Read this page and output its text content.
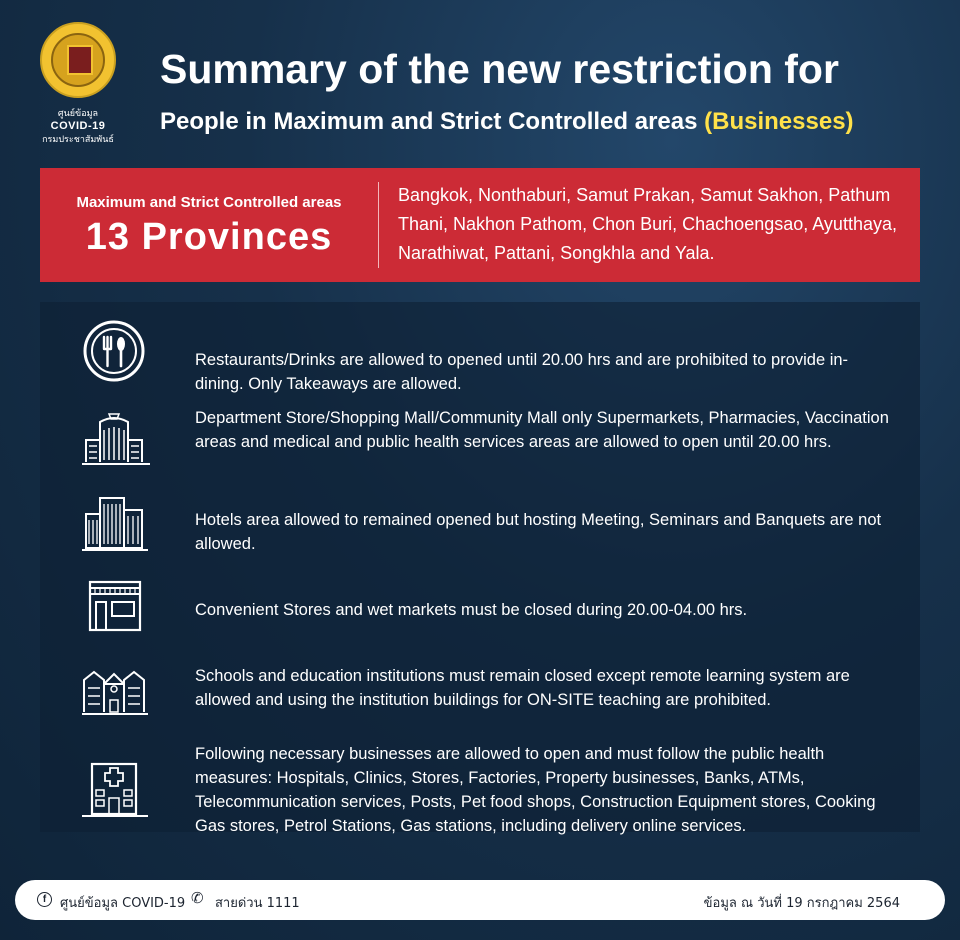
ศูนย์ข้อมูล
COVID-19
กรมประชาสัมพันธ์
Summary of the new restriction for
People in Maximum and Strict Controlled areas (Businesses)
Maximum and Strict Controlled areas
13 Provinces
Bangkok, Nonthaburi, Samut Prakan, Samut Sakhon, Pathum Thani, Nakhon Pathom, Chon Buri, Chachoengsao, Ayutthaya, Narathiwat, Pattani, Songkhla and Yala.
Restaurants/Drinks are allowed to opened until 20.00 hrs and are prohibited to provide in-dining. Only Takeaways are allowed.
Department Store/Shopping Mall/Community Mall only Supermarkets, Pharmacies, Vaccination areas and medical and public health services areas are allowed to open until 20.00 hrs.
Hotels area allowed to remained opened but hosting Meeting, Seminars and Banquets are not allowed.
Convenient Stores and wet markets must be closed during 20.00-04.00 hrs.
Schools and education institutions must remain closed except remote learning system are allowed and using the institution buildings for ON-SITE teaching are prohibited.
Following necessary businesses are allowed to open and must follow the public health measures: Hospitals, Clinics, Stores, Factories, Property businesses, Banks, ATMs, Telecommunication services, Posts, Pet food shops, Construction Equipment stores, Cooking Gas stores, Petrol Stations, Gas stations, including delivery online services.
f	ศูนย์ข้อมูล COVID-19 ✆ สายด่วน 1111	ข้อมูล ณ วันที่ 19 กรกฎาคม 2564
